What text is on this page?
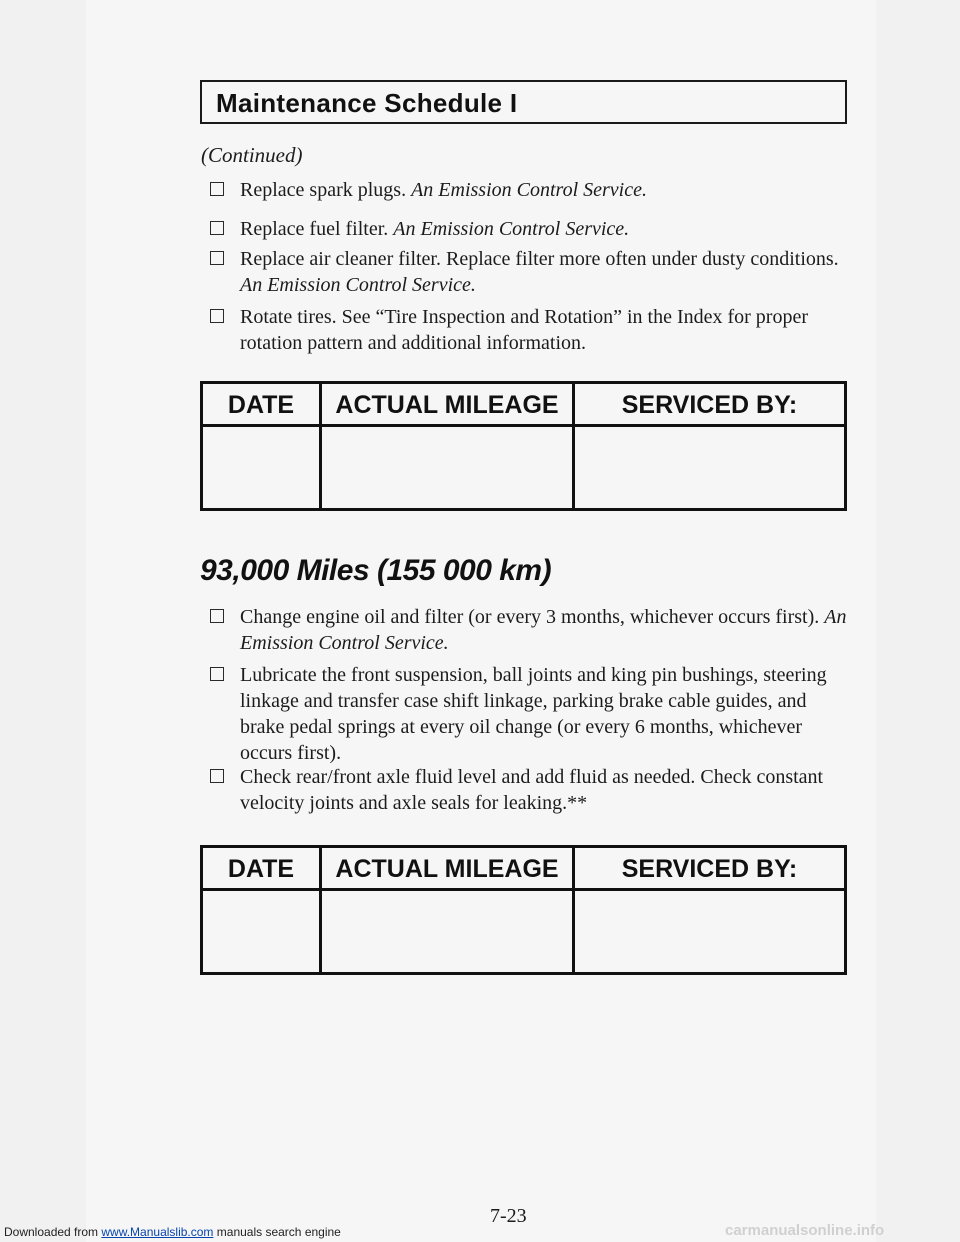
Maintenance Schedule I
(Continued)
Replace spark plugs. An Emission Control Service.
Replace fuel filter. An Emission Control Service.
Replace air cleaner filter. Replace filter more often under dusty conditions. An Emission Control Service.
Rotate tires. See “Tire Inspection and Rotation” in the Index for proper rotation pattern and additional information.
DATE	ACTUAL MILEAGE	SERVICED BY:
93,000 Miles (155 000 km)
Change engine oil and filter (or every 3 months, whichever occurs first). An Emission Control Service.
Lubricate the front suspension, ball joints and king pin bushings, steering linkage and transfer case shift linkage, parking brake cable guides, and brake pedal springs at every oil change (or every 6 months, whichever occurs first).
Check rear/front axle fluid level and add fluid as needed. Check constant velocity joints and axle seals for leaking.**
DATE	ACTUAL MILEAGE	SERVICED BY:
7-23
Downloaded from www.Manualslib.com manuals search engine	carmanualsonline.info
